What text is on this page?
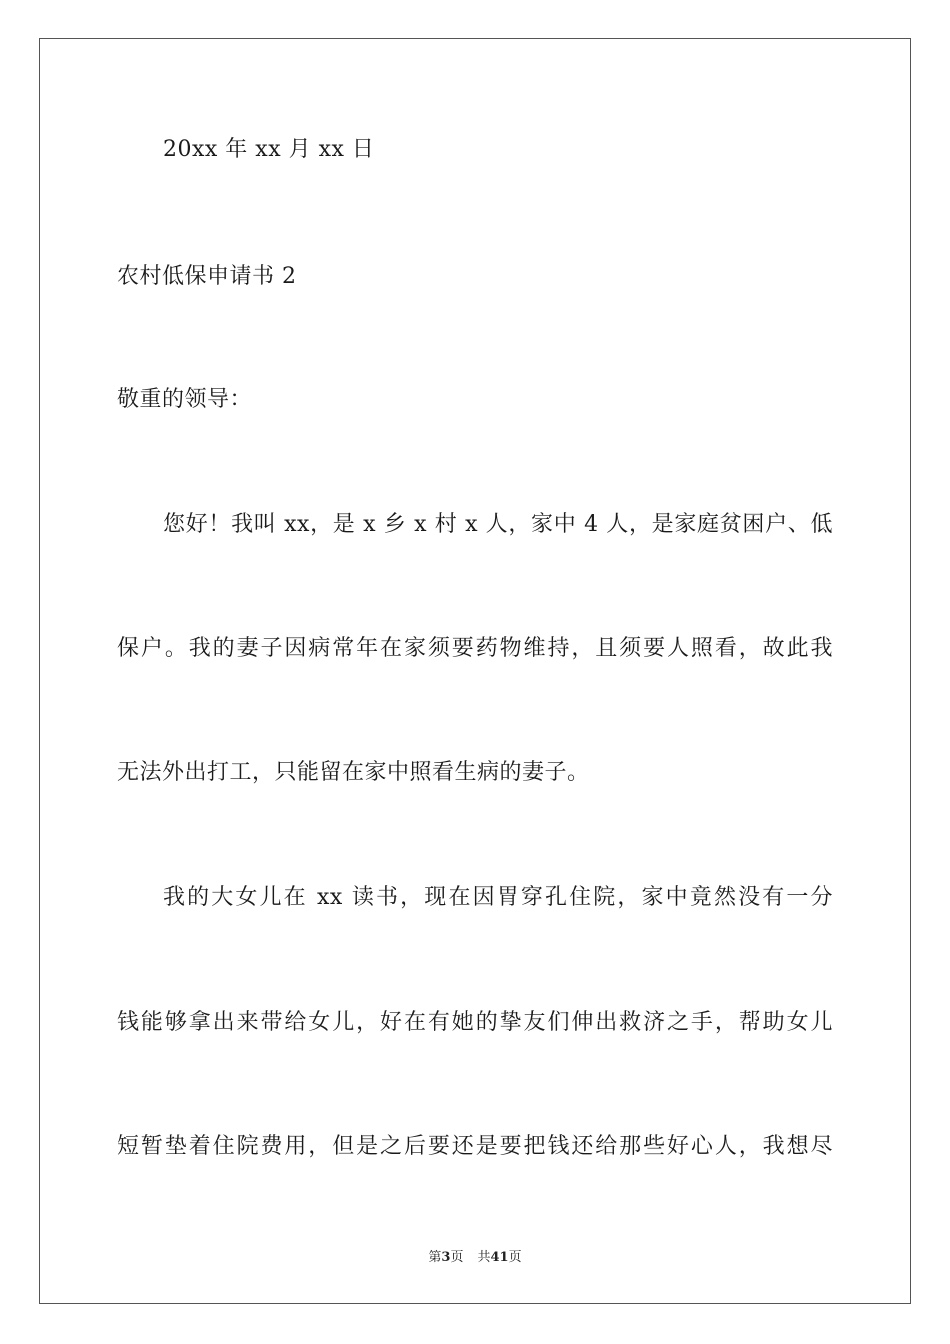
20xx 年 xx 月 xx 日
农村低保申请书 2
敬重的领导：
您好！我叫 xx，是 x 乡 x 村 x 人，家中 4 人，是家庭贫困户、低
保户。我的妻子因病常年在家须要药物维持，且须要人照看，故此我
无法外出打工，只能留在家中照看生病的妻子。
我的大女儿在 xx 读书，现在因胃穿孔住院，家中竟然没有一分
钱能够拿出来带给女儿，好在有她的挚友们伸出救济之手，帮助女儿
短暂垫着住院费用，但是之后要还是要把钱还给那些好心人，我想尽
第3页 共41页
